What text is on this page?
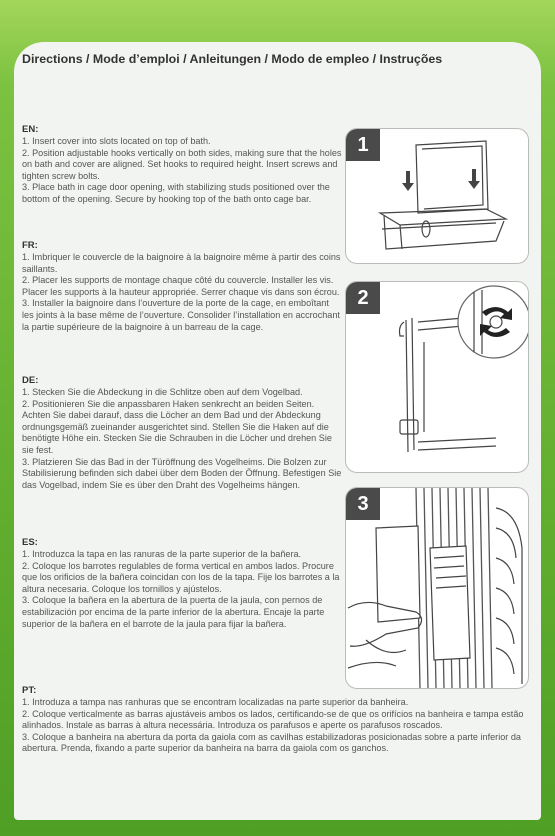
Directions / Mode d’emploi / Anleitungen / Modo de empleo / Instruções
EN:

1. Insert cover into slots located on top of bath.

2. Position adjustable hooks vertically on both sides, making sure that the holes on bath and cover are aligned. Set hooks to required height. Insert screws and tighten screw bolts.

3. Place bath in cage door opening, with stabilizing studs positioned over the bottom of the opening. Secure by hooking top of the bath onto cage bar.

FR:

1. Imbriquer le couvercle de la baignoire à la baignoire même à partir des coins saillants.

2. Placer les supports de montage chaque côté du couvercle. Installer les vis. Placer les supports à la hauteur appropriée. Serrer chaque vis dans son écrou.

3. Installer la baignoire dans l’ouverture de la porte de la cage, en emboîtant les joints à la base même de l’ouverture. Consolider l’installation en accrochant la partie supérieure de la baignoire à un barreau de la cage.

DE:

1. Stecken Sie die Abdeckung in die Schlitze oben auf dem Vogelbad.

2. Positionieren Sie die anpassbaren Haken senkrecht an beiden Seiten. Achten Sie dabei darauf, dass die Löcher an dem Bad und der Abdeckung ordnungsgemäß zueinander ausgerichtet sind. Stellen Sie die Haken auf die benötigte Höhe ein. Stecken Sie die Schrauben in die Löcher und drehen Sie sie fest.

3. Platzieren Sie das Bad in der Türöffnung des Vogelheims. Die Bolzen zur Stabilisierung befinden sich dabei über dem Boden der Öffnung. Befestigen Sie das Vogelbad, indem Sie es über den Draht des Vogelheims hängen.

ES:

1. Introduzca la tapa en las ranuras de la parte superior de la bañera.

2. Coloque los barrotes regulables de forma vertical en ambos lados. Procure que los orificios de la bañera coincidan con los de la tapa. Fije los barrotes a la altura necesaria. Coloque los tornillos y ajústelos.

3. Coloque la bañera en la abertura de la puerta de la jaula, con pernos de estabilización por encima de la parte inferior de la abertura. Encaje la parte superior de la bañera en el barrote de la jaula para fijar la bañera.

PT:

1. Introduza a tampa nas ranhuras que se encontram localizadas na parte superior da banheira.

2. Coloque verticalmente as barras ajustáveis ambos os lados, certificando-se de que os orifícios na banheira e tampa estão alinhados. Instale as barras à altura necessária. Introduza os parafusos e aperte os parafusos roscados.

3. Coloque a banheira na abertura da porta da gaiola com as cavilhas estabilizadoras posicionadas sobre a parte inferior da abertura. Prenda, fixando a parte superior da banheira na barra da gaiola com os ganchos.

1
2
3
